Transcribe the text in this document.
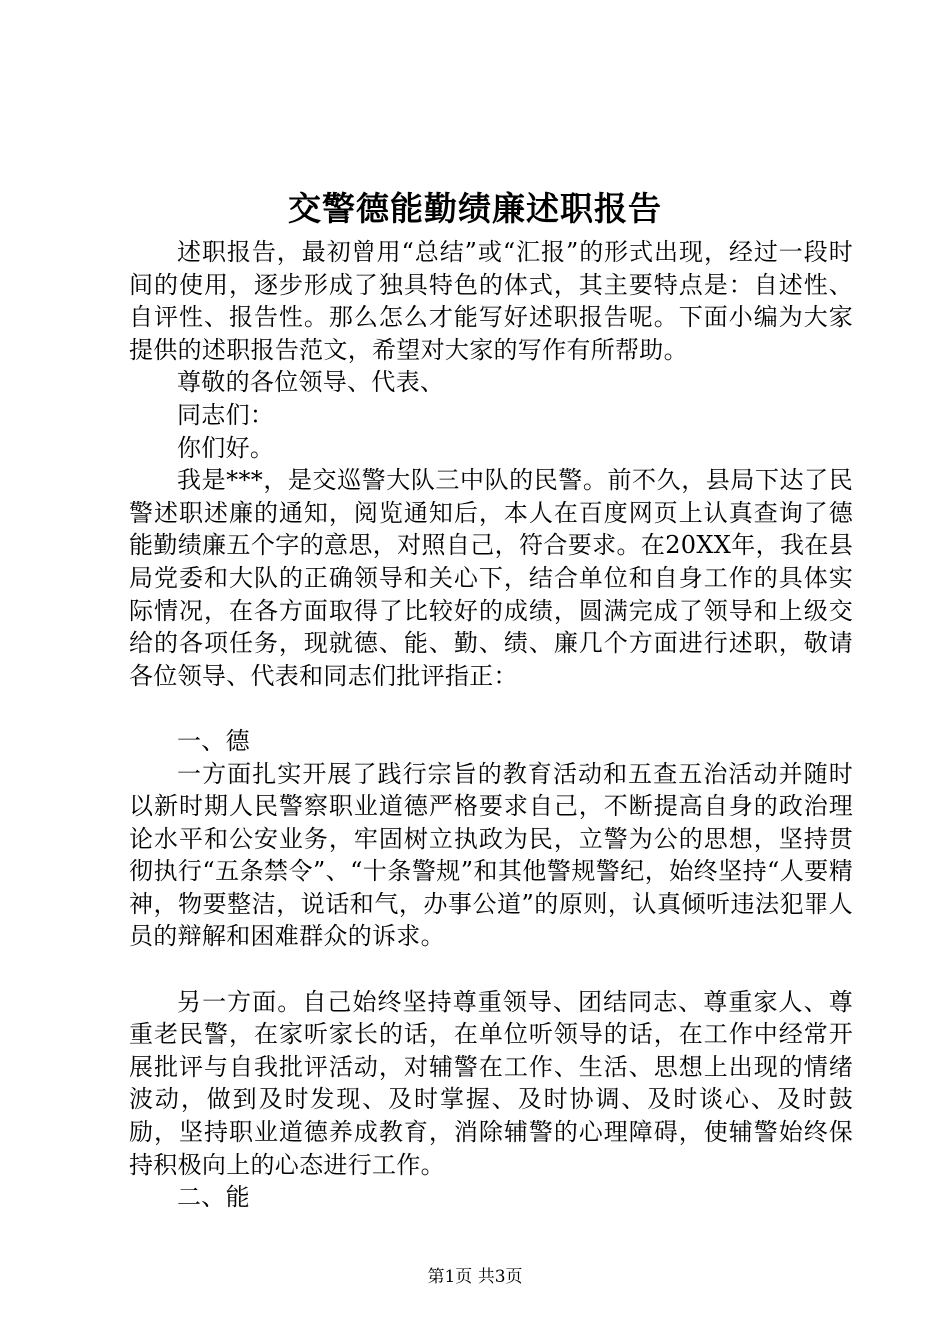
交警德能勤绩廉述职报告

述职报告，最初曾用“总结”或“汇报”的形式出现，经过一段时间的使用，逐步形成了独具特色的体式，其主要特点是：自述性、自评性、报告性。那么怎么才能写好述职报告呢。下面小编为大家提供的述职报告范文，希望对大家的写作有所帮助。

尊敬的各位领导、代表、

同志们：

你们好。

我是***，是交巡警大队三中队的民警。前不久，县局下达了民警述职述廉的通知，阅览通知后，本人在百度网页上认真查询了德能勤绩廉五个字的意思，对照自己，符合要求。在20XX年，我在县局党委和大队的正确领导和关心下，结合单位和自身工作的具体实际情况，在各方面取得了比较好的成绩，圆满完成了领导和上级交给的各项任务，现就德、能、勤、绩、廉几个方面进行述职，敬请各位领导、代表和同志们批评指正：

一、德

一方面扎实开展了践行宗旨的教育活动和五查五治活动并随时以新时期人民警察职业道德严格要求自己，不断提高自身的政治理论水平和公安业务，牢固树立执政为民，立警为公的思想，坚持贯彻执行“五条禁令”、“十条警规”和其他警规警纪，始终坚持“人要精神，物要整洁，说话和气，办事公道”的原则，认真倾听违法犯罪人员的辩解和困难群众的诉求。

另一方面。自己始终坚持尊重领导、团结同志、尊重家人、尊重老民警，在家听家长的话，在单位听领导的话，在工作中经常开展批评与自我批评活动，对辅警在工作、生活、思想上出现的情绪波动，做到及时发现、及时掌握、及时协调、及时谈心、及时鼓励，坚持职业道德养成教育，消除辅警的心理障碍，使辅警始终保持积极向上的心态进行工作。

二、能

第1页 共3页
